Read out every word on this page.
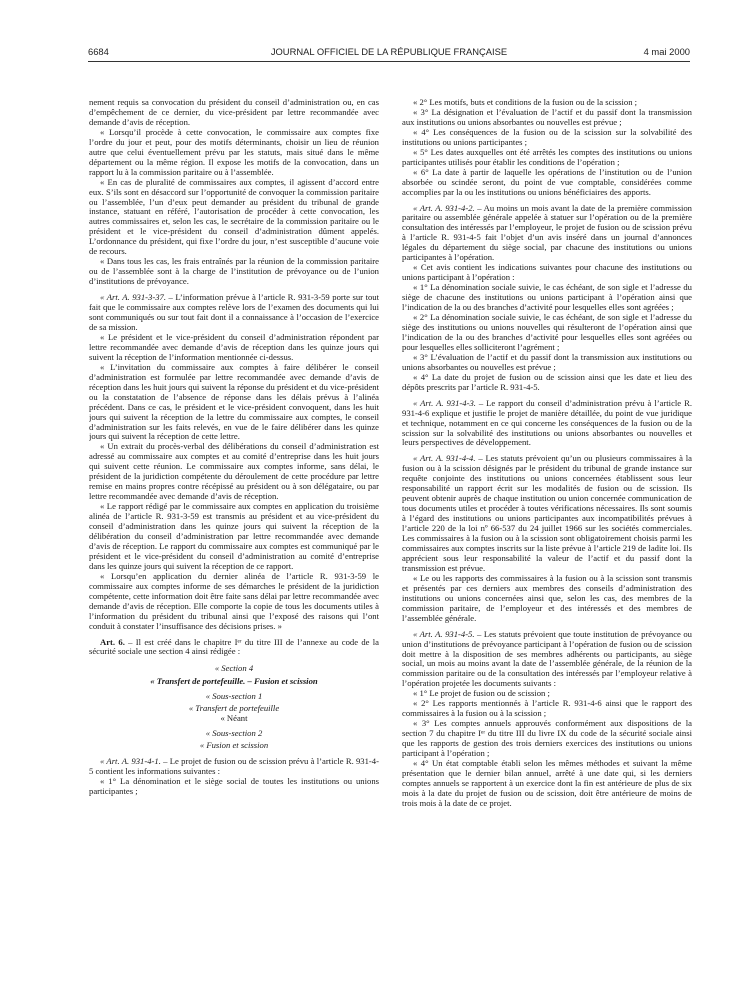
6684	JOURNAL OFFICIEL DE LA RÉPUBLIQUE FRANÇAISE	4 mai 2000

nement requis sa convocation du président du conseil d’administration ou, en cas d’empêchement de ce dernier, du vice-président par lettre recommandée avec demande d’avis de réception.

« Lorsqu’il procède à cette convocation, le commissaire aux comptes fixe l’ordre du jour et peut, pour des motifs déterminants, choisir un lieu de réunion autre que celui éventuellement prévu par les statuts, mais situé dans le même département ou la même région. Il expose les motifs de la convocation, dans un rapport lu à la commission paritaire ou à l’assemblée.

« En cas de pluralité de commissaires aux comptes, il agissent d’accord entre eux. S’ils sont en désaccord sur l’opportunité de convoquer la commission paritaire ou l’assemblée, l’un d’eux peut demander au président du tribunal de grande instance, statuant en référé, l’autorisation de procéder à cette convocation, les autres commissaires et, selon les cas, le secrétaire de la commission paritaire ou le président et le vice-président du conseil d’administration dûment appelés. L’ordonnance du président, qui fixe l’ordre du jour, n’est susceptible d’aucune voie de recours.

« Dans tous les cas, les frais entraînés par la réunion de la commission paritaire ou de l’assemblée sont à la charge de l’institution de prévoyance ou de l’union d’institutions de prévoyance.

« Art. A. 931-3-37. – L’information prévue à l’article R. 931-3-59 porte sur tout fait que le commissaire aux comptes relève lors de l’examen des documents qui lui sont communiqués ou sur tout fait dont il a connaissance à l’occasion de l’exercice de sa mission.

« Le président et le vice-président du conseil d’administration répondent par lettre recommandée avec demande d’avis de réception dans les quinze jours qui suivent la réception de l’information mentionnée ci-dessus.

« L’invitation du commissaire aux comptes à faire délibérer le conseil d’administration est formulée par lettre recommandée avec demande d’avis de réception dans les huit jours qui suivent la réponse du président et du vice-président ou la constatation de l’absence de réponse dans les délais prévus à l’alinéa précédent. Dans ce cas, le président et le vice-président convoquent, dans les huit jours qui suivent la réception de la lettre du commissaire aux comptes, le conseil d’administration sur les faits relevés, en vue de le faire délibérer dans les quinze jours qui suivent la réception de cette lettre.

« Un extrait du procès-verbal des délibérations du conseil d’administration est adressé au commissaire aux comptes et au comité d’entreprise dans les huit jours qui suivent cette réunion. Le commissaire aux comptes informe, sans délai, le président de la juridiction compétente du déroulement de cette procédure par lettre remise en mains propres contre récépissé au président ou à son délégataire, ou par lettre recommandée avec demande d’avis de réception.

« Le rapport rédigé par le commissaire aux comptes en application du troisième alinéa de l’article R. 931-3-59 est transmis au président et au vice-président du conseil d’administration dans les quinze jours qui suivent la réception de la délibération du conseil d’administration par lettre recommandée avec demande d’avis de réception. Le rapport du commissaire aux comptes est communiqué par le président et le vice-président du conseil d’administration au comité d’entreprise dans les quinze jours qui suivent la réception de ce rapport.

« Lorsqu’en application du dernier alinéa de l’article R. 931-3-59 le commissaire aux comptes informe de ses démarches le président de la juridiction compétente, cette information doit être faite sans délai par lettre recommandée avec demande d’avis de réception. Elle comporte la copie de tous les documents utiles à l’information du président du tribunal ainsi que l’exposé des raisons qui l’ont conduit à constater l’insuffisance des décisions prises. »

Art. 6. – Il est créé dans le chapitre Iᵉʳ du titre III de l’annexe au code de la sécurité sociale une section 4 ainsi rédigée :

« Section 4

« Transfert de portefeuille. – Fusion et scission

« Sous-section 1

« Transfert de portefeuille

« Néant

« Sous-section 2

« Fusion et scission

« Art. A. 931-4-1. – Le projet de fusion ou de scission prévu à l’article R. 931-4-5 contient les informations suivantes :

« 1° La dénomination et le siège social de toutes les institutions ou unions participantes ;

« 2° Les motifs, buts et conditions de la fusion ou de la scission ;

« 3° La désignation et l’évaluation de l’actif et du passif dont la transmission aux institutions ou unions absorbantes ou nouvelles est prévue ;

« 4° Les conséquences de la fusion ou de la scission sur la solvabilité des institutions ou unions participantes ;

« 5° Les dates auxquelles ont été arrêtés les comptes des institutions ou unions participantes utilisés pour établir les conditions de l’opération ;

« 6° La date à partir de laquelle les opérations de l’institution ou de l’union absorbée ou scindée seront, du point de vue comptable, considérées comme accomplies par la ou les institutions ou unions bénéficiaires des apports.

« Art. A. 931-4-2. – Au moins un mois avant la date de la première commission paritaire ou assemblée générale appelée à statuer sur l’opération ou de la première consultation des intéressés par l’employeur, le projet de fusion ou de scission prévu à l’article R. 931-4-5 fait l’objet d’un avis inséré dans un journal d’annonces légales du département du siège social, par chacune des institutions ou unions participantes à l’opération.

« Cet avis contient les indications suivantes pour chacune des institutions ou unions participant à l’opération :

« 1° La dénomination sociale suivie, le cas échéant, de son sigle et l’adresse du siège de chacune des institutions ou unions participant à l’opération ainsi que l’indication de la ou des branches d’activité pour lesquelles elles sont agréées ;

« 2° La dénomination sociale suivie, le cas échéant, de son sigle et l’adresse du siège des institutions ou unions nouvelles qui résulteront de l’opération ainsi que l’indication de la ou des branches d’activité pour lesquelles elles sont agréées ou pour lesquelles elles solliciteront l’agrément ;

« 3° L’évaluation de l’actif et du passif dont la transmission aux institutions ou unions absorbantes ou nouvelles est prévue ;

« 4° La date du projet de fusion ou de scission ainsi que les date et lieu des dépôts prescrits par l’article R. 931-4-5.

« Art. A. 931-4-3. – Le rapport du conseil d’administration prévu à l’article R. 931-4-6 explique et justifie le projet de manière détaillée, du point de vue juridique et technique, notamment en ce qui concerne les conséquences de la fusion ou de la scission sur la solvabilité des institutions ou unions absorbantes ou nouvelles et leurs perspectives de développement.

« Art. A. 931-4-4. – Les statuts prévoient qu’un ou plusieurs commissaires à la fusion ou à la scission désignés par le président du tribunal de grande instance sur requête conjointe des institutions ou unions concernées établissent sous leur responsabilité un rapport écrit sur les modalités de fusion ou de scission. Ils peuvent obtenir auprès de chaque institution ou union concernée communication de tous documents utiles et procéder à toutes vérifications nécessaires. Ils sont soumis à l’égard des institutions ou unions participantes aux incompatibilités prévues à l’article 220 de la loi nº 66-537 du 24 juillet 1966 sur les sociétés commerciales. Les commissaires à la fusion ou à la scission sont obligatoirement choisis parmi les commissaires aux comptes inscrits sur la liste prévue à l’article 219 de ladite loi. Ils apprécient sous leur responsabilité la valeur de l’actif et du passif dont la transmission est prévue.

« Le ou les rapports des commissaires à la fusion ou à la scission sont transmis et présentés par ces derniers aux membres des conseils d’administration des institutions ou unions concernées ainsi que, selon les cas, des membres de la commission paritaire, de l’employeur et des intéressés et des membres de l’assemblée générale.

« Art. A. 931-4-5. – Les statuts prévoient que toute institution de prévoyance ou union d’institutions de prévoyance participant à l’opération de fusion ou de scission doit mettre à la disposition de ses membres adhérents ou participants, au siège social, un mois au moins avant la date de l’assemblée générale, de la réunion de la commission paritaire ou de la consultation des intéressés par l’employeur relative à l’opération projetée les documents suivants :

« 1° Le projet de fusion ou de scission ;

« 2° Les rapports mentionnés à l’article R. 931-4-6 ainsi que le rapport des commissaires à la fusion ou à la scission ;

« 3° Les comptes annuels approuvés conformément aux dispositions de la section 7 du chapitre Iᵉʳ du titre III du livre IX du code de la sécurité sociale ainsi que les rapports de gestion des trois derniers exercices des institutions ou unions participant à l’opération ;

« 4° Un état comptable établi selon les mêmes méthodes et suivant la même présentation que le dernier bilan annuel, arrêté à une date qui, si les derniers comptes annuels se rapportent à un exercice dont la fin est antérieure de plus de six mois à la date du projet de fusion ou de scission, doit être antérieure de moins de trois mois à la date de ce projet.
